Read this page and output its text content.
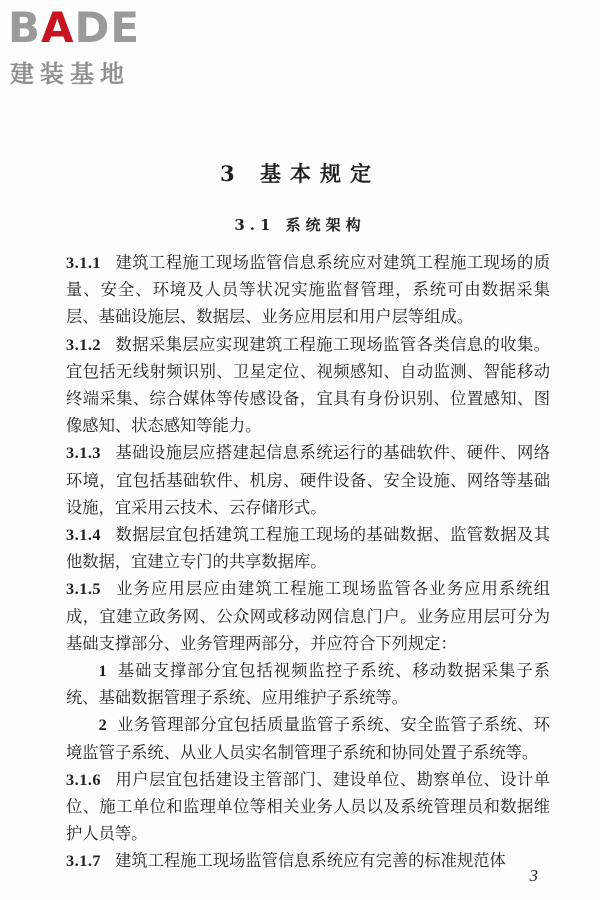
BADE
建装基地
3 基本规定
3.1 系统架构

3.1.1 建筑工程施工现场监管信息系统应对建筑工程施工现场的质量、安全、环境及人员等状况实施监督管理，系统可由数据采集层、基础设施层、数据层、业务应用层和用户层等组成。

3.1.2 数据采集层应实现建筑工程施工现场监管各类信息的收集。宜包括无线射频识别、卫星定位、视频感知、自动监测、智能移动终端采集、综合媒体等传感设备，宜具有身份识别、位置感知、图像感知、状态感知等能力。

3.1.3 基础设施层应搭建起信息系统运行的基础软件、硬件、网络环境，宜包括基础软件、机房、硬件设备、安全设施、网络等基础设施，宜采用云技术、云存储形式。

3.1.4 数据层宜包括建筑工程施工现场的基础数据、监管数据及其他数据，宜建立专门的共享数据库。

3.1.5 业务应用层应由建筑工程施工现场监管各业务应用系统组成，宜建立政务网、公众网或移动网信息门户。业务应用层可分为基础支撑部分、业务管理两部分，并应符合下列规定：

1 基础支撑部分宜包括视频监控子系统、移动数据采集子系统、基础数据管理子系统、应用维护子系统等。

2 业务管理部分宜包括质量监管子系统、安全监管子系统、环境监管子系统、从业人员实名制管理子系统和协同处置子系统等。

3.1.6 用户层宜包括建设主管部门、建设单位、勘察单位、设计单位、施工单位和监理单位等相关业务人员以及系统管理员和数据维护人员等。

3.1.7 建筑工程施工现场监管信息系统应有完善的标准规范体

3
